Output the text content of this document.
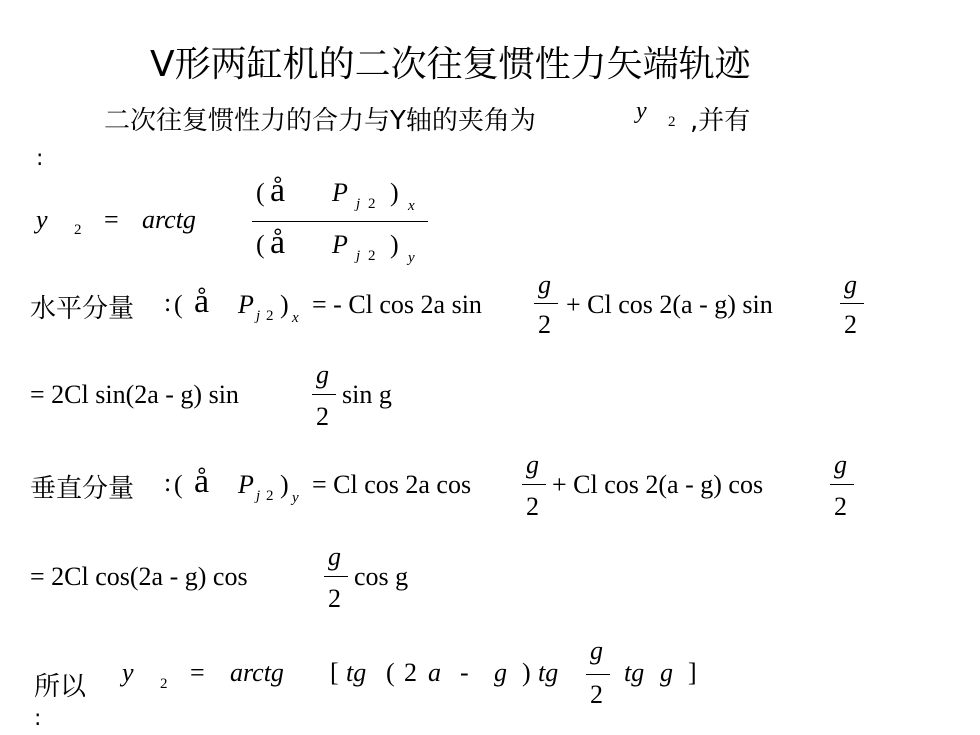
V形两缸机的二次往复惯性力矢端轨迹
二次往复惯性力的合力与Y轴的夹角为	y 2 ,并有
:
y 2 = arctg
( å P j 2 ) x
( å P j 2 ) y
水平分量 : ( å P j 2 ) x = - Cl cos 2a sin
g
2
+ Cl cos 2(a - g) sin
g
2
= 2Cl sin(2a - g) sin
g
2
sin g
垂直分量 : ( å P j 2 ) y = Cl cos 2a cos
g
2
+ Cl cos 2(a - g) cos
g
2
= 2Cl cos(2a - g) cos
g
2
cos g
所以 y 2 = arctg [ tg ( 2 a - g ) tg
g
2
tg g ]
:
